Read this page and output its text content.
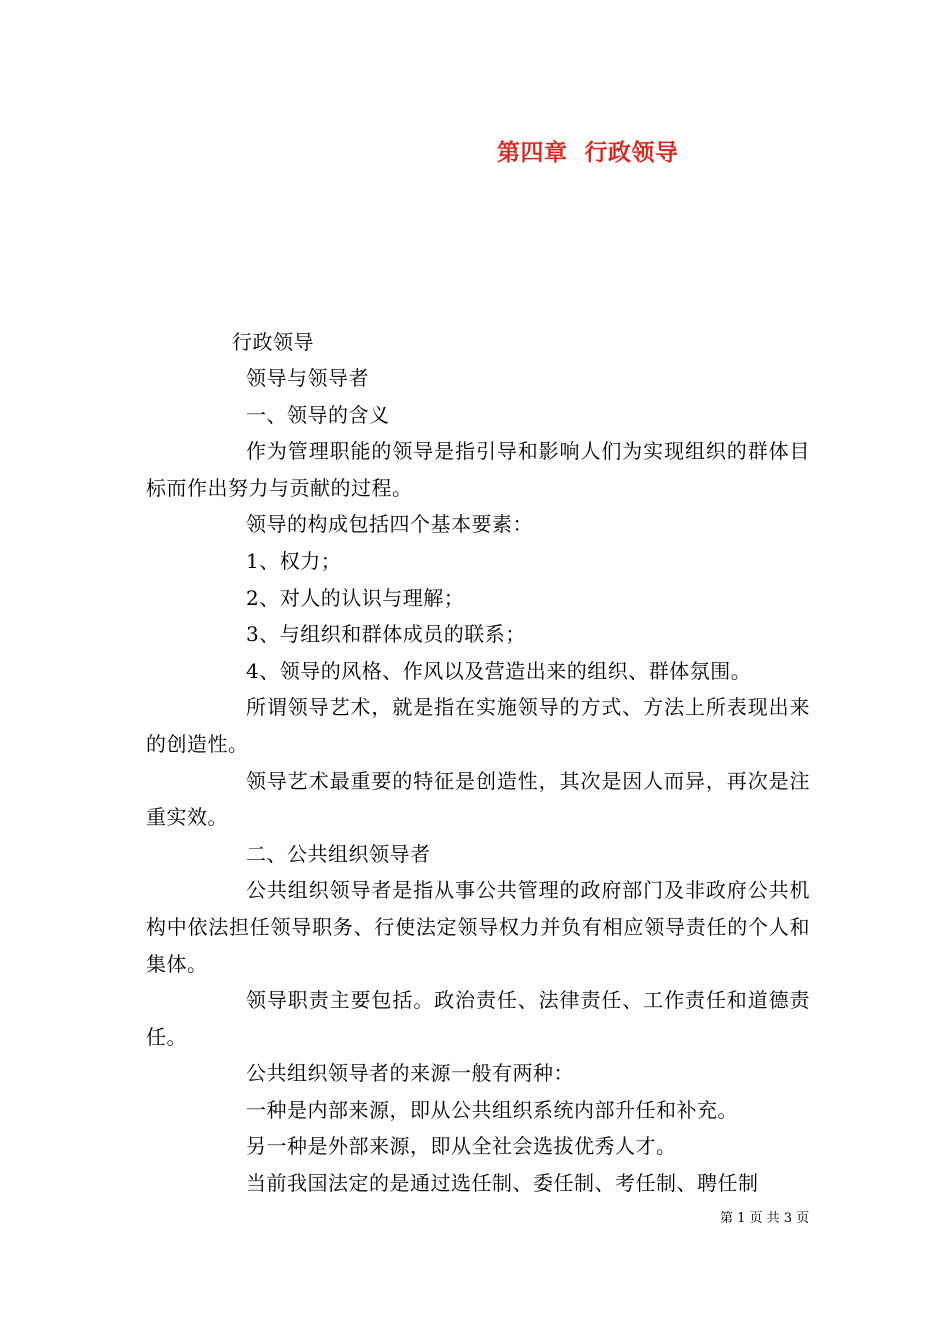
第四章  行政领导
行政领导

领导与领导者

一、领导的含义

作为管理职能的领导是指引导和影响人们为实现组织的群体目标而作出努力与贡献的过程。

领导的构成包括四个基本要素：

1、权力；

2、对人的认识与理解；

3、与组织和群体成员的联系；

4、领导的风格、作风以及营造出来的组织、群体氛围。

所谓领导艺术，就是指在实施领导的方式、方法上所表现出来的创造性。

领导艺术最重要的特征是创造性，其次是因人而异，再次是注重实效。

二、公共组织领导者

公共组织领导者是指从事公共管理的政府部门及非政府公共机构中依法担任领导职务、行使法定领导权力并负有相应领导责任的个人和集体。

领导职责主要包括。政治责任、法律责任、工作责任和道德责任。

公共组织领导者的来源一般有两种：

一种是内部来源，即从公共组织系统内部升任和补充。

另一种是外部来源，即从全社会选拔优秀人才。

当前我国法定的是通过选任制、委任制、考任制、聘任制

第 1 页 共 3 页
